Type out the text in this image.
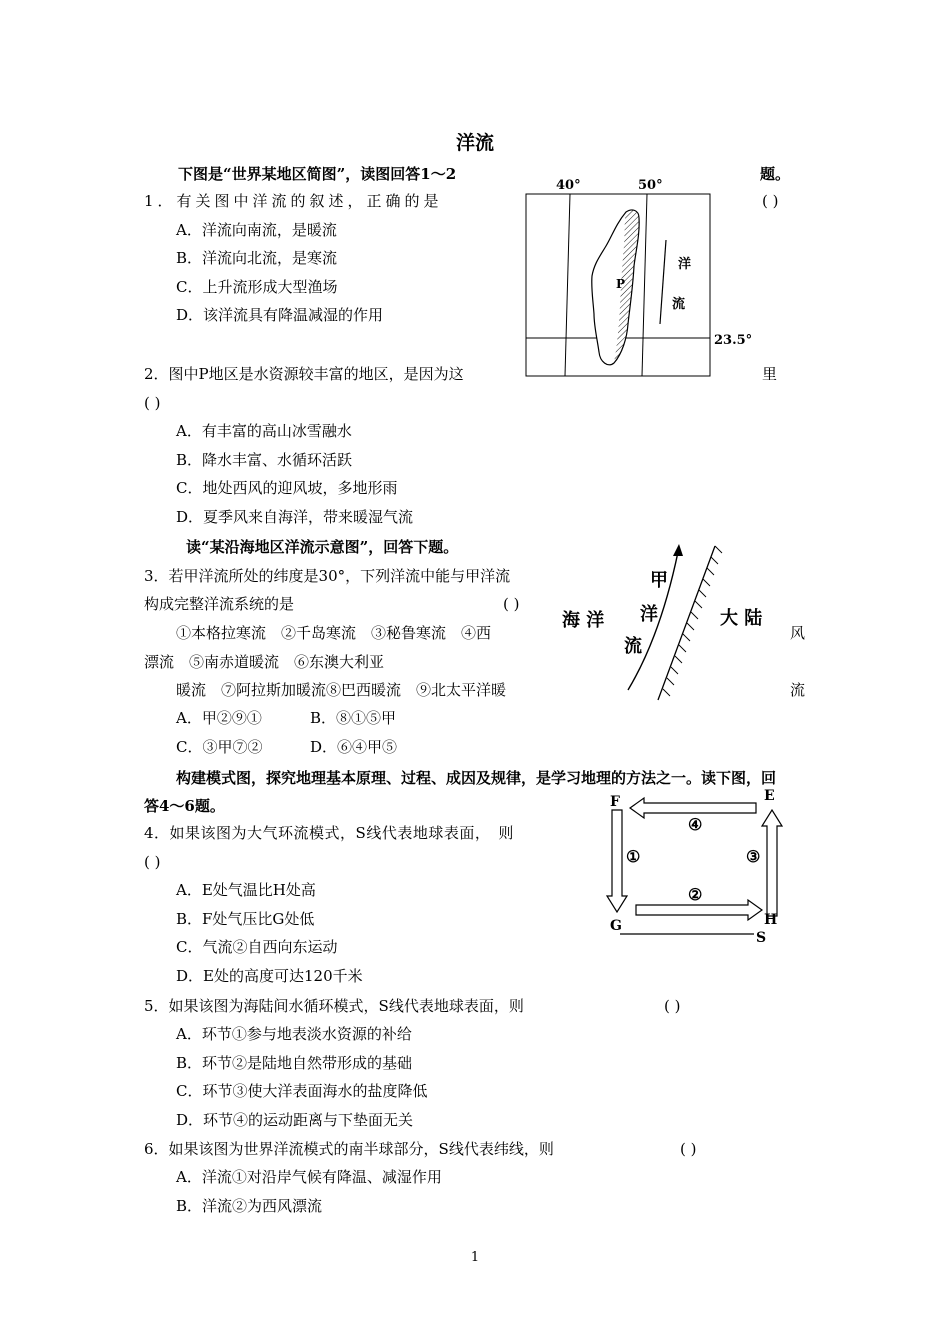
洋流
下图是“世界某地区简图”，读图回答1～2	题。
1．有关图中洋流的叙述，正确的是	( )
A．洋流向南流，是暖流
B．洋流向北流，是寒流
C．上升流形成大型渔场
D．该洋流具有降温减湿的作用
40°	50°
23.5°
P
洋
流
2．图中P地区是水资源较丰富的地区，是因为这	里
( )
A．有丰富的高山冰雪融水
B．降水丰富、水循环活跃
C．地处西风的迎风坡，多地形雨
D．夏季风来自海洋，带来暖湿气流
读“某沿海地区洋流示意图”，回答下题。
3．若甲洋流所处的纬度是30°，下列洋流中能与甲洋流
构成完整洋流系统的是	( )
①本格拉寒流　②千岛寒流　③秘鲁寒流　④西	风
漂流　⑤南赤道暖流　⑥东澳大利亚
暖流　⑦阿拉斯加暖流⑧巴西暖流　⑨北太平洋暖	流
A．甲②⑨①	B．⑧①⑤甲
C．③甲⑦②	D．⑥④甲⑤
甲
洋
流
海 洋	大 陆
构建模式图，探究地理基本原理、过程、成因及规律，是学习地理的方法之一。读下图，回
答4～6题。	F	E
G	H
S
④
①	③
②
4．如果该图为大气环流模式，S线代表地球表面，　则
( )
A．E处气温比H处高
B．F处气压比G处低
C．气流②自西向东运动
D．E处的高度可达120千米
5．如果该图为海陆间水循环模式，S线代表地球表面，则	( )
A．环节①参与地表淡水资源的补给
B．环节②是陆地自然带形成的基础
C．环节③使大洋表面海水的盐度降低
D．环节④的运动距离与下垫面无关
6．如果该图为世界洋流模式的南半球部分，S线代表纬线，则	( )
A．洋流①对沿岸气候有降温、减湿作用
B．洋流②为西风漂流
1
